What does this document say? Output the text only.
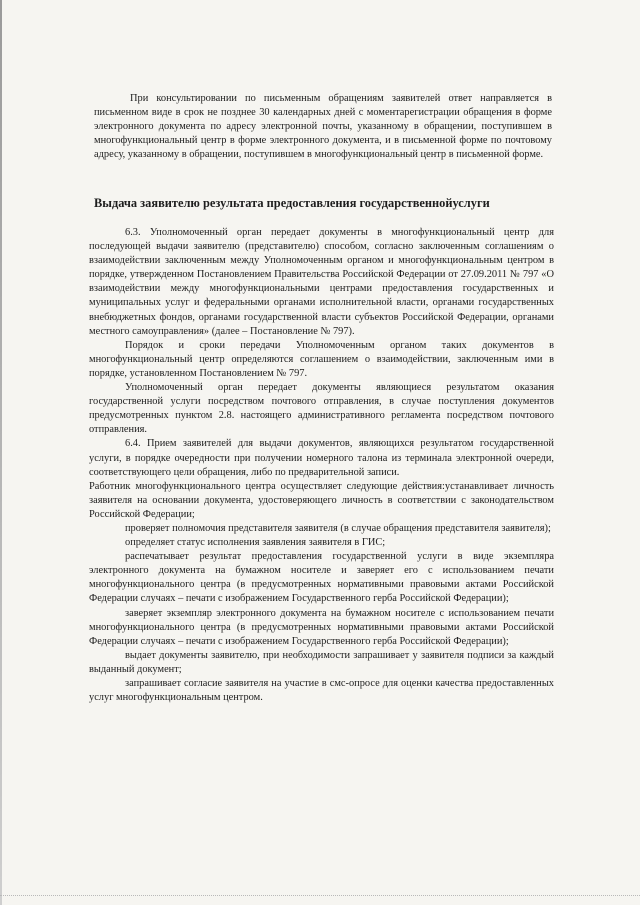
При консультировании по письменным обращениям заявителей ответ направляется в письменном виде в срок не позднее 30 календарных дней с моментарегистрации обращения в форме электронного документа по адресу электронной почты, указанному в обращении, поступившем в многофункциональный центр в форме электронного документа, и в письменной форме по почтовому адресу, указанному в обращении, поступившем в многофункциональный центр в письменной форме.

Выдача заявителю результата предоставления государственнойуслуги

6.3. Уполномоченный орган передает документы в многофункциональный центр для последующей выдачи заявителю (представителю) способом, согласно заключенным соглашениям о взаимодействии заключенным между Уполномоченным органом и многофункциональным центром в порядке, утвержденном Постановлением Правительства Российской Федерации от 27.09.2011 № 797 «О взаимодействии между многофункциональными центрами предоставления государственных и муниципальных услуг и федеральными органами исполнительной власти, органами государственных внебюджетных фондов, органами государственной власти субъектов Российской Федерации, органами местного самоуправления» (далее – Постановление № 797).

Порядок и сроки передачи Уполномоченным органом таких документов в многофункциональный центр определяются соглашением о взаимодействии, заключенным ими в порядке, установленном Постановлением № 797.

Уполномоченный орган передает документы являющиеся результатом оказания государственной услуги посредством почтового отправления, в случае поступления документов предусмотренных пунктом 2.8. настоящего административного регламента посредством почтового отправления.

6.4. Прием заявителей для выдачи документов, являющихся результатом государственной услуги, в порядке очередности при получении номерного талона из терминала электронной очереди, соответствующего цели обращения, либо по предварительной записи.

Работник многофункционального центра осуществляет следующие действия:устанавливает личность заявителя на основании документа, удостоверяющего личность в соответствии с законодательством Российской Федерации;

проверяет полномочия представителя заявителя (в случае обращения представителя заявителя);

определяет статус исполнения заявления заявителя в ГИС;

распечатывает результат предоставления государственной услуги в виде экземпляра электронного документа на бумажном носителе и заверяет его с использованием печати многофункционального центра (в предусмотренных нормативными правовыми актами Российской Федерации случаях – печати с изображением Государственного герба Российской Федерации);

заверяет экземпляр электронного документа на бумажном носителе с использованием печати многофункционального центра (в предусмотренных нормативными правовыми актами Российской Федерации случаях – печати с изображением Государственного герба Российской Федерации);

выдает документы заявителю, при необходимости запрашивает у заявителя подписи за каждый выданный документ;

запрашивает согласие заявителя на участие в смс-опросе для оценки качества предоставленных услуг многофункциональным центром.
